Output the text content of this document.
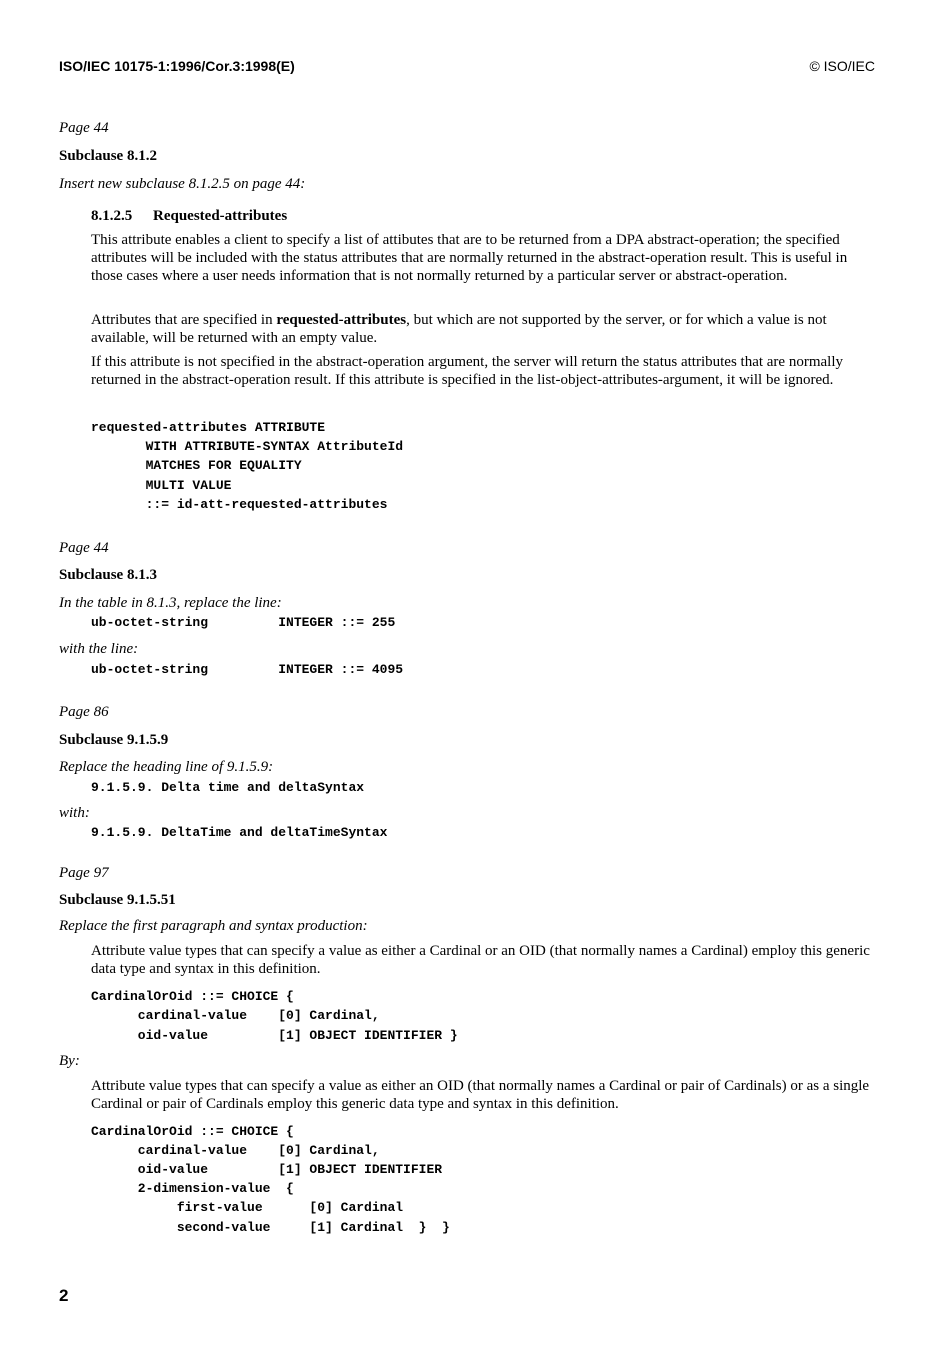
ISO/IEC 10175-1:1996/Cor.3:1998(E)	© ISO/IEC
Page 44
Subclause 8.1.2
Insert new subclause 8.1.2.5 on page 44:
8.1.2.5 Requested-attributes
This attribute enables a client to specify a list of attibutes that are to be returned from a DPA abstract-operation; the specified attributes will be included with the status attributes that are normally returned in the abstract-operation result. This is useful in those cases where a user needs information that is not normally returned by a particular server or abstract-operation.
Attributes that are specified in requested-attributes, but which are not supported by the server, or for which a value is not available, will be returned with an empty value.
If this attribute is not specified in the abstract-operation argument, the server will return the status attributes that are normally returned in the abstract-operation result. If this attribute is specified in the list-object-attributes-argument, it will be ignored.
requested-attributes ATTRIBUTE
WITH ATTRIBUTE-SYNTAX AttributeId
MATCHES FOR EQUALITY
MULTI VALUE
::= id-att-requested-attributes
Page 44
Subclause 8.1.3
In the table in 8.1.3, replace the line:
ub-octet-string         INTEGER ::= 255
with the line:
ub-octet-string         INTEGER ::= 4095
Page 86
Subclause 9.1.5.9
Replace the heading line of 9.1.5.9:
9.1.5.9. Delta time and deltaSyntax
with:
9.1.5.9. DeltaTime and deltaTimeSyntax
Page 97
Subclause 9.1.5.51
Replace the first paragraph and syntax production:
Attribute value types that can specify a value as either a Cardinal or an OID (that normally names a Cardinal) employ this generic data type and syntax in this definition.
CardinalOrOid ::= CHOICE {
cardinal-value    [0] Cardinal,
oid-value         [1] OBJECT IDENTIFIER }
By:
Attribute value types that can specify a value as either an OID (that normally names a Cardinal or pair of Cardinals) or as a single Cardinal or pair of Cardinals employ this generic data type and syntax in this definition.
CardinalOrOid ::= CHOICE {
cardinal-value    [0] Cardinal,
oid-value         [1] OBJECT IDENTIFIER
2-dimension-value  {
first-value      [0] Cardinal
second-value     [1] Cardinal  }  }
2
